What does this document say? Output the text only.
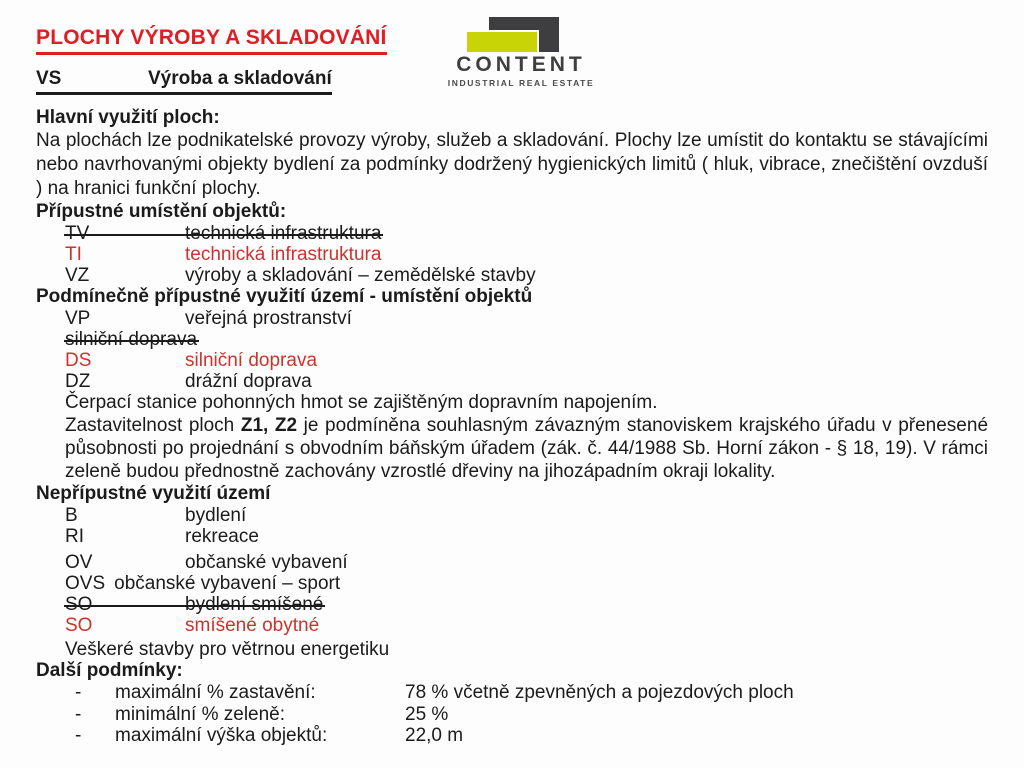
PLOCHY VÝROBY A SKLADOVÁNÍ
VS	Výroba a skladování
CONTENT
INDUSTRIAL REAL ESTATE
Hlavní využití ploch:

Na plochách lze podnikatelské provozy výroby, služeb a skladování. Plochy lze umístit do kontaktu se stávajícími nebo navrhovanými objekty bydlení za podmínky dodržený hygienických limitů ( hluk, vibrace, znečištění ovzduší ) na hranici funkční plochy.

Přípustné umístění objektů:
TV	technická infrastruktura
TI	technická infrastruktura
VZ	výroby a skladování – zemědělské stavby
Podmínečně přípustné využití území - umístění objektů
VP	veřejná prostranství
silniční doprava
DS	silniční doprava
DZ	drážní doprava
Čerpací stanice pohonných hmot se zajištěným dopravním napojením.

Zastavitelnost ploch Z1, Z2 je podmíněna souhlasným závazným stanoviskem krajského úřadu v přenesené působnosti po projednání s obvodním báňským úřadem (zák. č. 44/1988 Sb. Horní zákon - § 18, 19). V rámci zeleně budou přednostně zachovány vzrostlé dřeviny na jihozápadním okraji lokality.

Nepřípustné využití území
B	bydlení
RI	rekreace
OV	občanské vybavení
OVS občanské vybavení – sport
SO	bydlení smíšené
SO	smíšené obytné
Veškeré stavby pro větrnou energetiku
Další podmínky:
- maximální % zastavění:	78 % včetně zpevněných a pojezdových ploch
- minimální % zeleně:	25 %
- maximální výška objektů:	22,0 m
